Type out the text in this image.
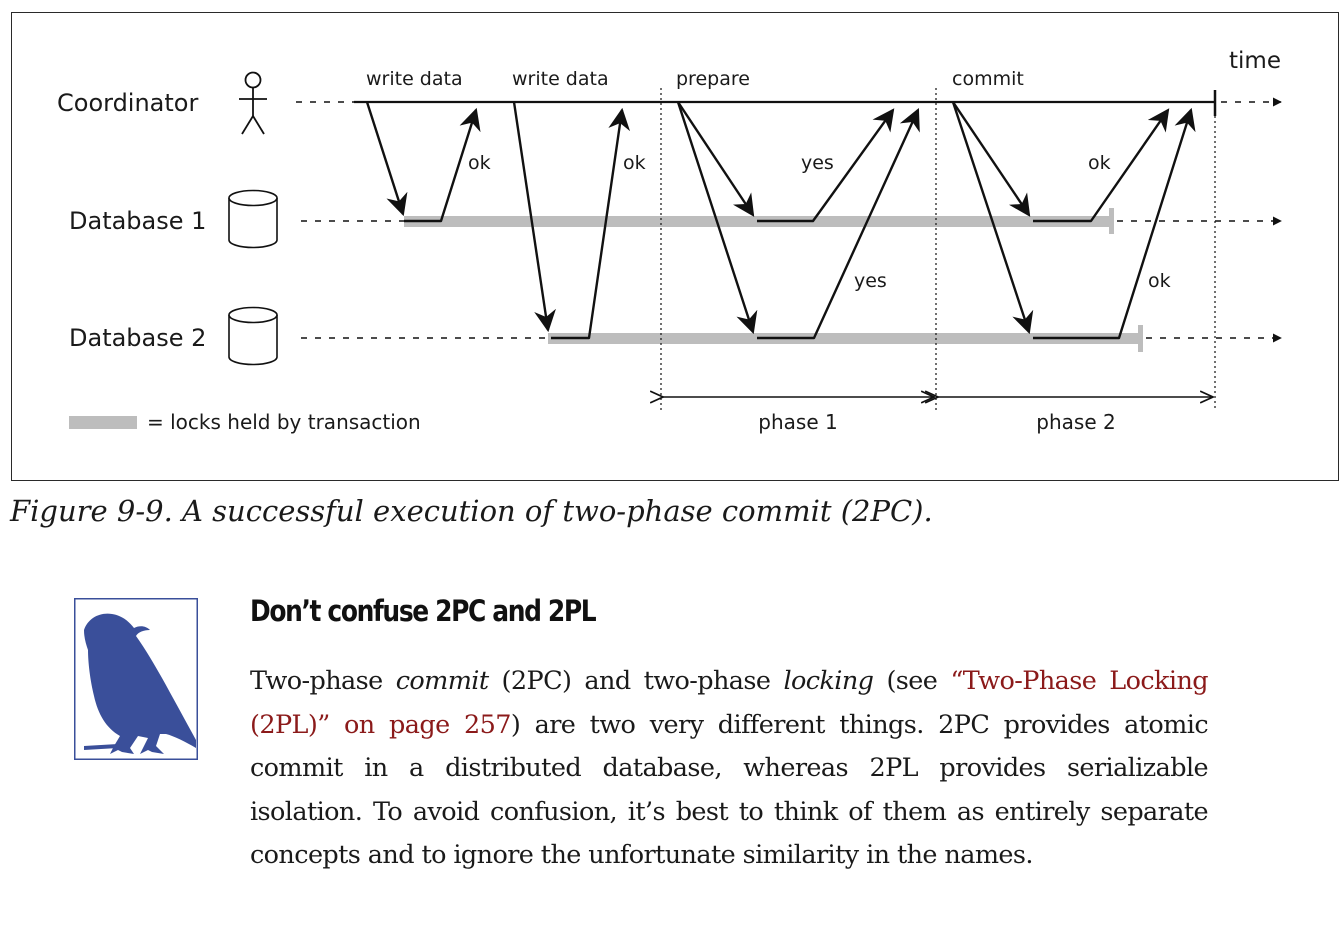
Coordinator
Database 1
Database 2
time
write data	write data	prepare	commit
ok	ok	yes
yes
ok
ok
phase 1	phase 2
= locks held by transaction

Figure 9-9. A successful execution of two-phase commit (2PC).

Don’t confuse 2PC and 2PL

Two-phase commit (2PC) and two-phase locking (see “Two-Phase Locking (2PL)” on page 257) are two very different things. 2PC provides atomic commit in a distributed database, whereas 2PL provides serializable isolation. To avoid confusion, it’s best to think of them as entirely separate concepts and to ignore the unfortunate similarity in the names.
